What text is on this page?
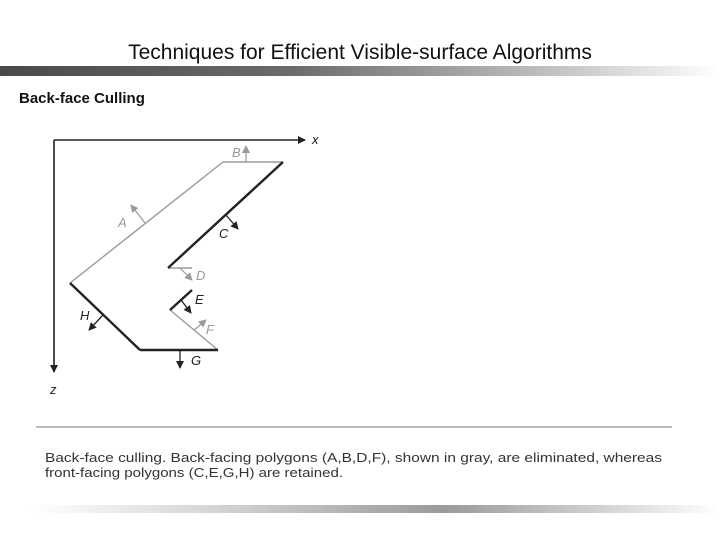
Techniques for Efficient Visible-surface Algorithms
Back-face Culling
x
z
B
A
D
F
C
E
H
G
Back-face culling. Back-facing polygons (A,B,D,F), shown in gray, are eliminated, whereas
front-facing polygons (C,E,G,H) are retained.
